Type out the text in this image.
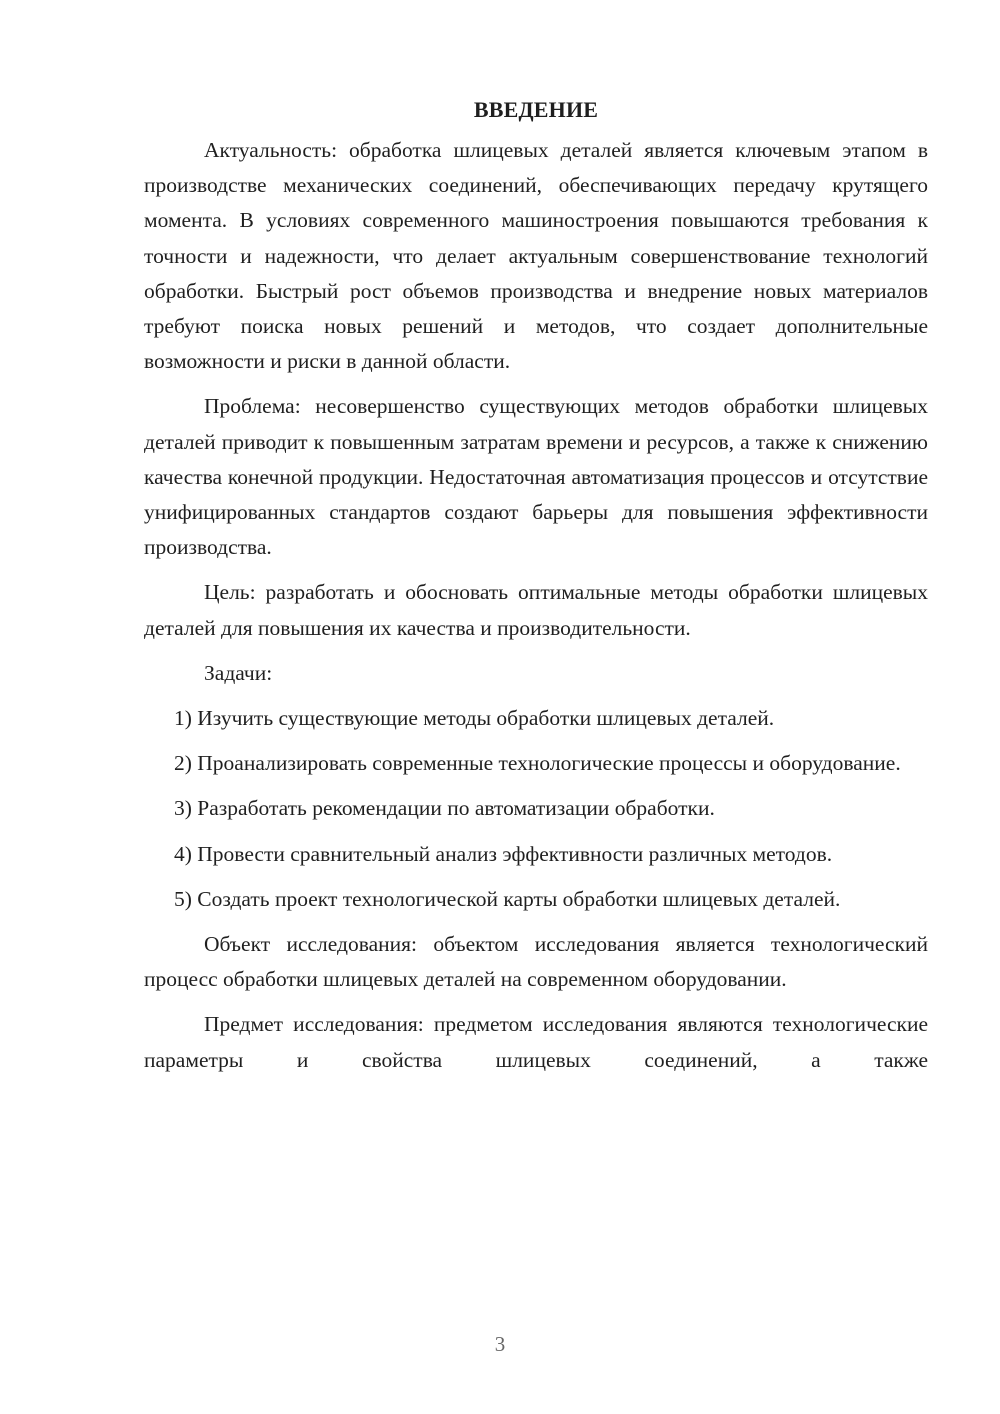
ВВЕДЕНИЕ

Актуальность: обработка шлицевых деталей является ключевым этапом в производстве механических соединений, обеспечивающих передачу крутящего момента. В условиях современного машиностроения повышаются требования к точности и надежности, что делает актуальным совершенствование технологий обработки. Быстрый рост объемов производства и внедрение новых материалов требуют поиска новых решений и методов, что создает дополнительные возможности и риски в данной области.

Проблема: несовершенство существующих методов обработки шлицевых деталей приводит к повышенным затратам времени и ресурсов, а также к снижению качества конечной продукции. Недостаточная автоматизация процессов и отсутствие унифицированных стандартов создают барьеры для повышения эффективности производства.

Цель: разработать и обосновать оптимальные методы обработки шлицевых деталей для повышения их качества и производительности.

Задачи:

1) Изучить существующие методы обработки шлицевых деталей.

2) Проанализировать современные технологические процессы и оборудование.

3) Разработать рекомендации по автоматизации обработки.

4) Провести сравнительный анализ эффективности различных методов.

5) Создать проект технологической карты обработки шлицевых деталей.

Объект исследования: объектом исследования является технологический процесс обработки шлицевых деталей на современном оборудовании.

Предмет исследования: предметом исследования являются технологические параметры и свойства шлицевых соединений, а также

3
